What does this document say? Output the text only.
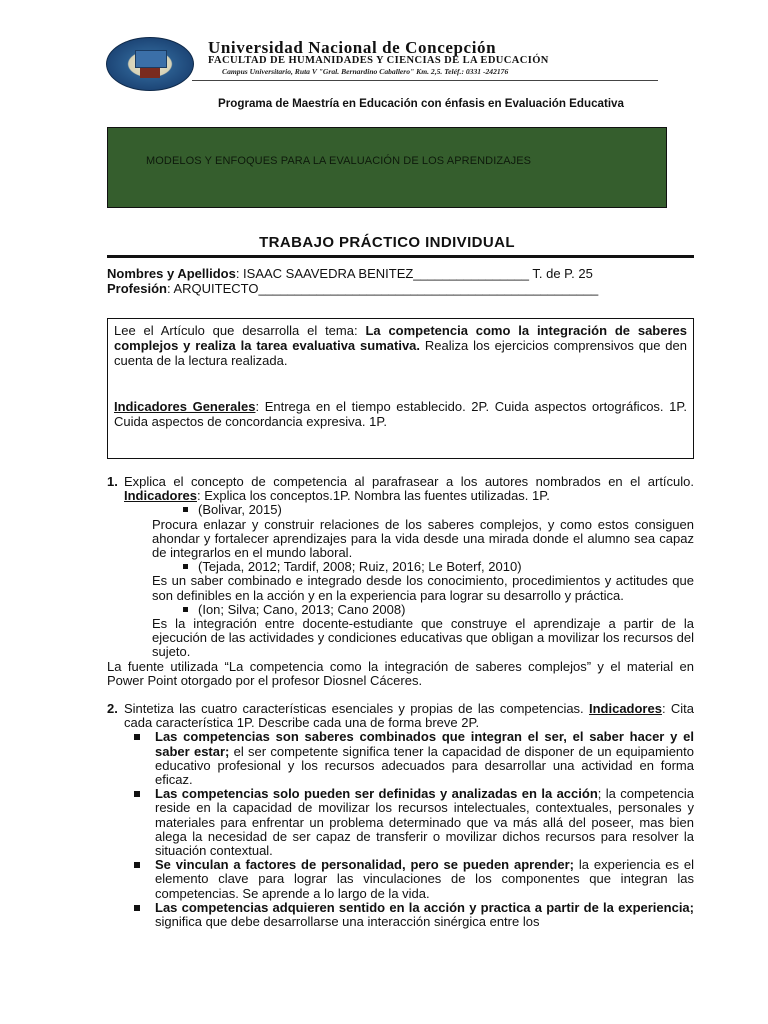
Universidad Nacional de Concepción
FACULTAD DE HUMANIDADES Y CIENCIAS DE LA EDUCACIÓN
Campus Universitario, Ruta V "Gral. Bernardino Caballero" Km. 2,5. Teléf.: 0331 -242176
Programa de Maestría en Educación con énfasis en Evaluación Educativa
MODELOS Y ENFOQUES PARA LA EVALUACIÓN DE LOS APRENDIZAJES
TRABAJO PRÁCTICO INDIVIDUAL
Nombres y Apellidos: ISAAC SAAVEDRA BENITEZ________________ T. de P. 25
Profesión: ARQUITECTO_______________________________________________

Lee el Artículo que desarrolla el tema: La competencia como la integración de saberes complejos y realiza la tarea evaluativa sumativa. Realiza los ejercicios comprensivos que den cuenta de la lectura realizada.

Indicadores Generales: Entrega en el tiempo establecido. 2P. Cuida aspectos ortográficos. 1P. Cuida aspectos de concordancia expresiva. 1P.

1. Explica el concepto de competencia al parafrasear a los autores nombrados en el artículo. Indicadores: Explica los conceptos.1P. Nombra las fuentes utilizadas. 1P.

(Bolivar, 2015)

Procura enlazar y construir relaciones de los saberes complejos, y como estos consiguen ahondar y fortalecer aprendizajes para la vida desde una mirada donde el alumno sea capaz de integrarlos en el mundo laboral.

(Tejada, 2012; Tardif, 2008; Ruiz, 2016; Le Boterf, 2010)

Es un saber combinado e integrado desde los conocimiento, procedimientos y actitudes que son definibles en la acción y en la experiencia para lograr su desarrollo y práctica.

(Ion; Silva; Cano, 2013; Cano 2008)

Es la integración entre docente-estudiante que construye el aprendizaje a partir de la ejecución de las actividades y condiciones educativas que obligan a movilizar los recursos del sujeto.

La fuente utilizada “La competencia como la integración de saberes complejos” y el material en Power Point otorgado por el profesor Diosnel Cáceres.

2. Sintetiza las cuatro características esenciales y propias de las competencias. Indicadores: Cita cada característica 1P. Describe cada una de forma breve 2P.

Las competencias son saberes combinados que integran el ser, el saber hacer y el saber estar; el ser competente significa tener la capacidad de disponer de un equipamiento educativo profesional y los recursos adecuados para desarrollar una actividad en forma eficaz.
Las competencias solo pueden ser definidas y analizadas en la acción; la competencia reside en la capacidad de movilizar los recursos intelectuales, contextuales, personales y materiales para enfrentar un problema determinado que va más allá del poseer, mas bien alega la necesidad de ser capaz de transferir o movilizar dichos recursos para resolver la situación contextual.
Se vinculan a factores de personalidad, pero se pueden aprender; la experiencia es el elemento clave para lograr las vinculaciones de los componentes que integran las competencias. Se aprende a lo largo de la vida.
Las competencias adquieren sentido en la acción y practica a partir de la experiencia; significa que debe desarrollarse una interacción sinérgica entre los
